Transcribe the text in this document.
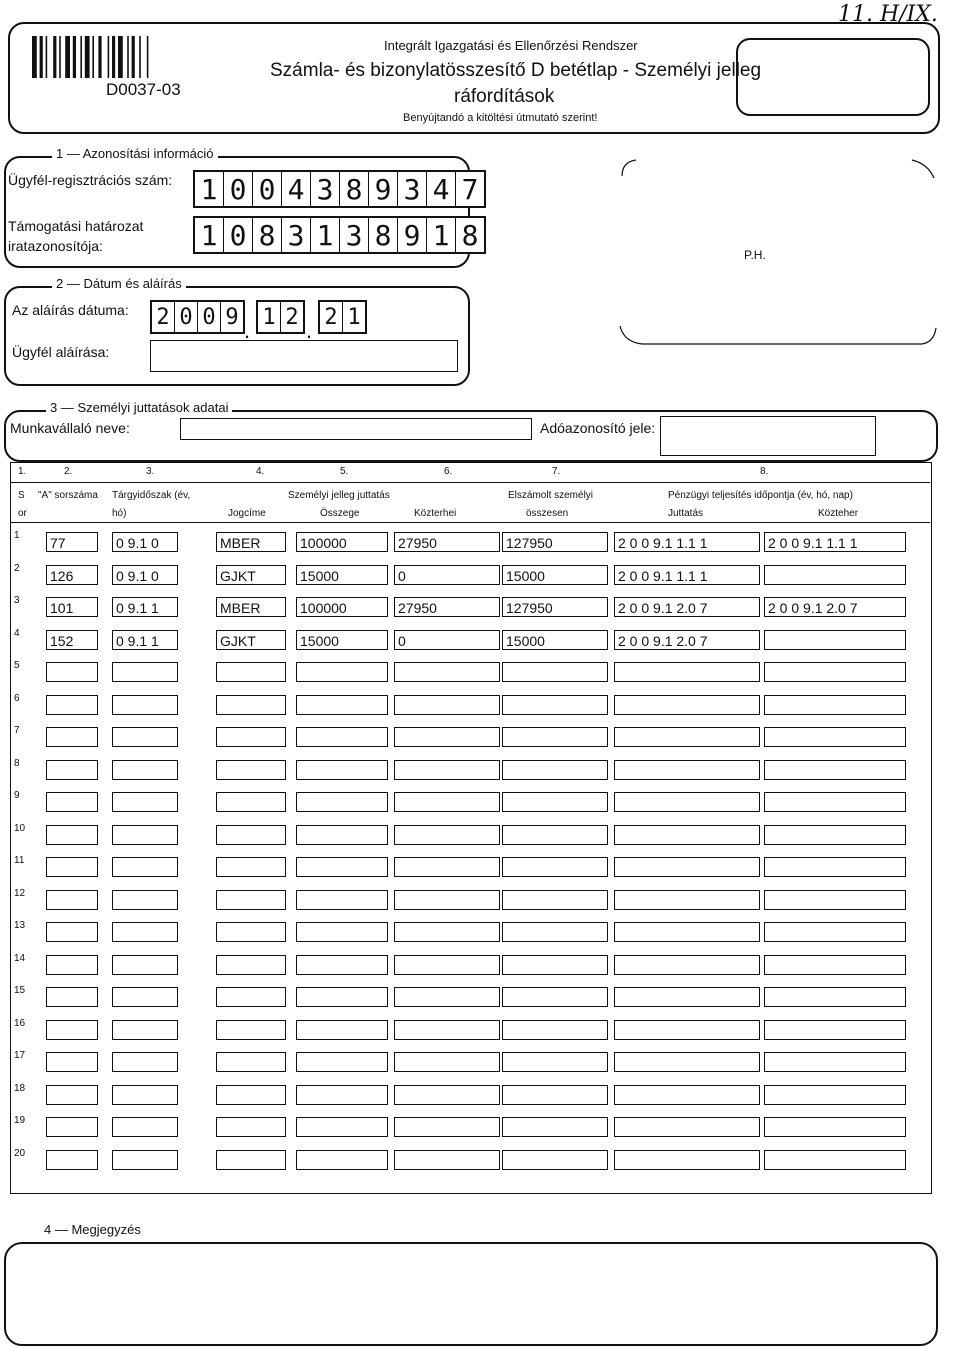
11. H/IX.
D0037-03
Integrált Igazgatási és Ellenőrzési Rendszer
Számla- és bizonylatösszesítő D betétlap - Személyi jelleg
ráfordítások
Benyújtandó a kitöltési útmutató szerint!
1 — Azonosítási információ
Ügyfél-regisztrációs szám: 1 0 0 4 3 8 9 3 4 7
Támogatási határozat
iratazonosítója:	1 0 8 3 1 3 8 9 1 8
2 — Dátum és aláírás
Az aláírás dátuma: 2 0 0 9
.
1 2
.
2 1
Ügyfél aláírása:
P.H.
3 — Személyi juttatások adatai
Munkavállaló neve:	Adóazonosító jele:
1.	2.	3.	4.	5.	6.	7.	8.
S
or
"A" sorszáma Tárgyidőszak (év,
hó)
Személyi jelleg juttatás
Jogcíme	Összege	Közterhei
Elszámolt személyi
összesen
Pénzügyi teljesítés időpontja (év, hó, nap)
Juttatás	Közteher
1 77	0 9.1 0	MBER	100000	27950	127950	2 0 0 9.1 1.1 1	2 0 0 9.1 1.1 1
2 126	0 9.1 0	GJKT	15000	0	15000	2 0 0 9.1 1.1 1
3 101	0 9.1 1	MBER	100000	27950	127950	2 0 0 9.1 2.0 7	2 0 0 9.1 2.0 7
4 152	0 9.1 1	GJKT	15000	0	15000	2 0 0 9.1 2.0 7
5
6
7
8
9
10
11
12
13
14
15
16
17
18
19
20
4 — Megjegyzés
